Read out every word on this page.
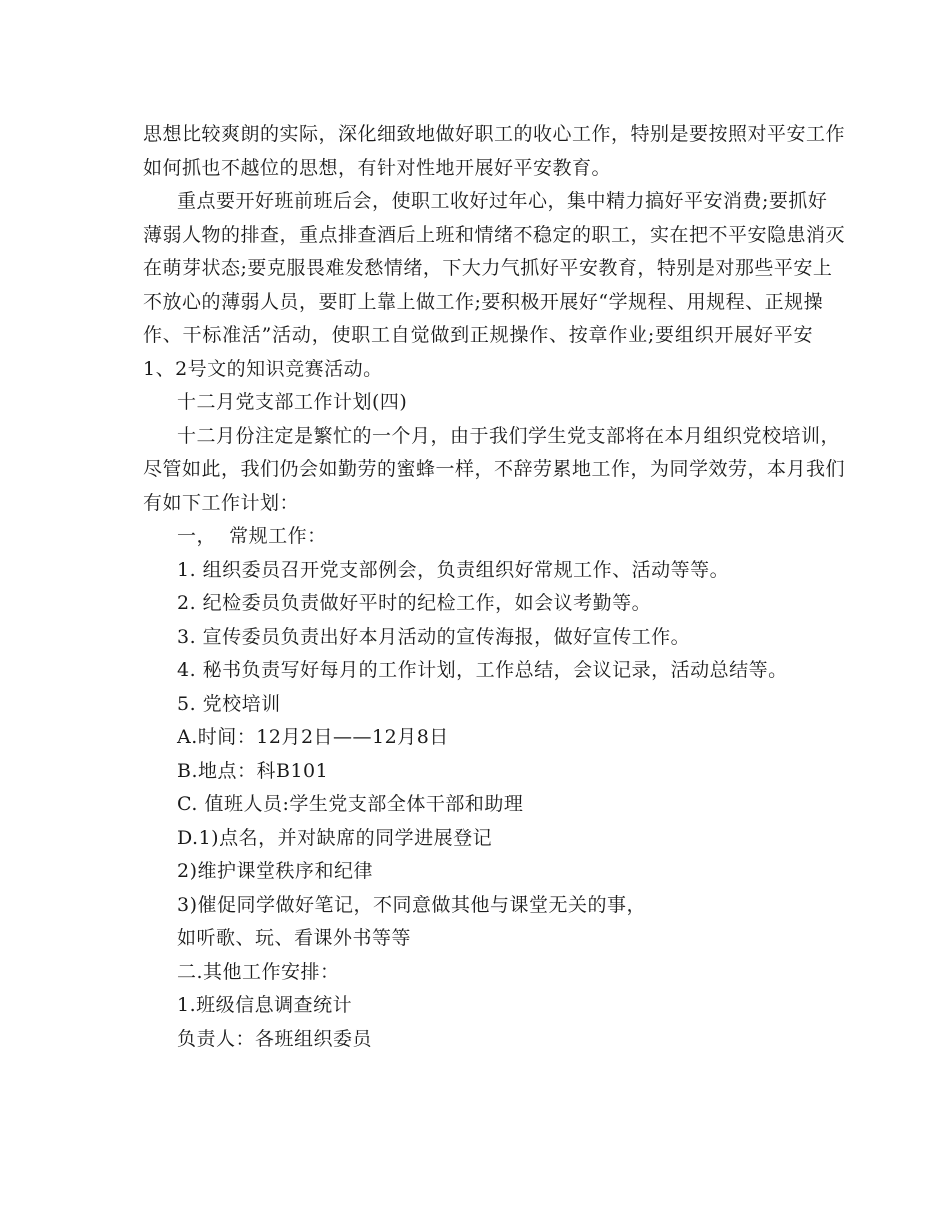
思想比较爽朗的实际，深化细致地做好职工的收心工作，特别是要按照对平安工作
如何抓也不越位的思想，有针对性地开展好平安教育。
重点要开好班前班后会，使职工收好过年心，集中精力搞好平安消费;要抓好
薄弱人物的排查，重点排查酒后上班和情绪不稳定的职工，实在把不平安隐患消灭
在萌芽状态;要克服畏难发愁情绪，下大力气抓好平安教育，特别是对那些平安上
不放心的薄弱人员，要盯上靠上做工作;要积极开展好“学规程、用规程、正规操
作、干标准活”活动，使职工自觉做到正规操作、按章作业;要组织开展好平安
1、2号文的知识竞赛活动。
十二月党支部工作计划(四)
十二月份注定是繁忙的一个月，由于我们学生党支部将在本月组织党校培训，
尽管如此，我们仍会如勤劳的蜜蜂一样，不辞劳累地工作，为同学效劳，本月我们
有如下工作计划：
一，  常规工作：
1. 组织委员召开党支部例会，负责组织好常规工作、活动等等。
2. 纪检委员负责做好平时的纪检工作，如会议考勤等。
3. 宣传委员负责出好本月活动的宣传海报，做好宣传工作。
4. 秘书负责写好每月的工作计划，工作总结，会议记录，活动总结等。
5. 党校培训
A.时间：12月2日——12月8日
B.地点：科B101
C. 值班人员:学生党支部全体干部和助理
D.1)点名，并对缺席的同学进展登记
2)维护课堂秩序和纪律
3)催促同学做好笔记，不同意做其他与课堂无关的事，
如听歌、玩、看课外书等等
二.其他工作安排：
1.班级信息调查统计
负责人：各班组织委员
